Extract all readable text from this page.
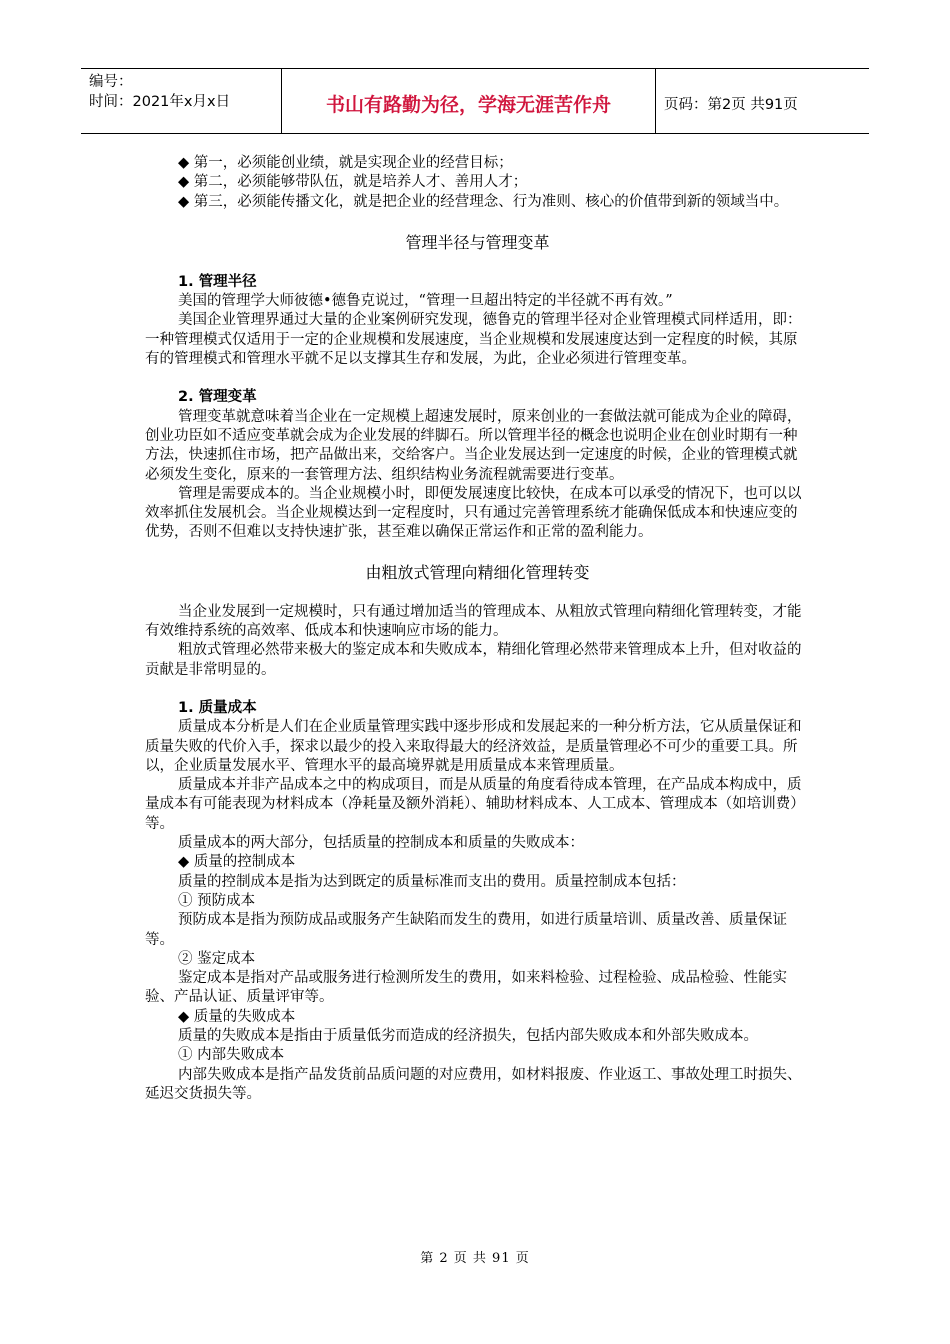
编号：
时间：2021年x月x日	书山有路勤为径，学海无涯苦作舟	页码：第2页 共91页

◆ 第一，必须能创业绩，就是实现企业的经营目标；

◆ 第二，必须能够带队伍，就是培养人才、善用人才；

◆ 第三，必须能传播文化，就是把企业的经营理念、行为准则、核心的价值带到新的领域当中。

管理半径与管理变革
1. 管理半径

美国的管理学大师彼德•德鲁克说过，“管理一旦超出特定的半径就不再有效。”

美国企业管理界通过大量的企业案例研究发现，德鲁克的管理半径对企业管理模式同样适用，即：一种管理模式仅适用于一定的企业规模和发展速度，当企业规模和发展速度达到一定程度的时候，其原有的管理模式和管理水平就不足以支撑其生存和发展，为此，企业必须进行管理变革。

2. 管理变革

管理变革就意味着当企业在一定规模上超速发展时，原来创业的一套做法就可能成为企业的障碍，创业功臣如不适应变革就会成为企业发展的绊脚石。所以管理半径的概念也说明企业在创业时期有一种方法，快速抓住市场，把产品做出来，交给客户。当企业发展达到一定速度的时候，企业的管理模式就必须发生变化，原来的一套管理方法、组织结构业务流程就需要进行变革。

管理是需要成本的。当企业规模小时，即便发展速度比较快，在成本可以承受的情况下，也可以以效率抓住发展机会。当企业规模达到一定程度时，只有通过完善管理系统才能确保低成本和快速应变的优势，否则不但难以支持快速扩张，甚至难以确保正常运作和正常的盈利能力。

由粗放式管理向精细化管理转变

当企业发展到一定规模时，只有通过增加适当的管理成本、从粗放式管理向精细化管理转变，才能有效维持系统的高效率、低成本和快速响应市场的能力。

粗放式管理必然带来极大的鉴定成本和失败成本，精细化管理必然带来管理成本上升，但对收益的贡献是非常明显的。

1. 质量成本

质量成本分析是人们在企业质量管理实践中逐步形成和发展起来的一种分析方法，它从质量保证和质量失败的代价入手，探求以最少的投入来取得最大的经济效益，是质量管理必不可少的重要工具。所以，企业质量发展水平、管理水平的最高境界就是用质量成本来管理质量。

质量成本并非产品成本之中的构成项目，而是从质量的角度看待成本管理，在产品成本构成中，质量成本有可能表现为材料成本（净耗量及额外消耗）、辅助材料成本、人工成本、管理成本（如培训费）等。

质量成本的两大部分，包括质量的控制成本和质量的失败成本：

◆ 质量的控制成本

质量的控制成本是指为达到既定的质量标准而支出的费用。质量控制成本包括：

① 预防成本

预防成本是指为预防成品或服务产生缺陷而发生的费用，如进行质量培训、质量改善、质量保证等。

② 鉴定成本

鉴定成本是指对产品或服务进行检测所发生的费用，如来料检验、过程检验、成品检验、性能实验、产品认证、质量评审等。

◆ 质量的失败成本

质量的失败成本是指由于质量低劣而造成的经济损失，包括内部失败成本和外部失败成本。

① 内部失败成本

内部失败成本是指产品发货前品质问题的对应费用，如材料报废、作业返工、事故处理工时损失、延迟交货损失等。

第 2 页 共 91 页
